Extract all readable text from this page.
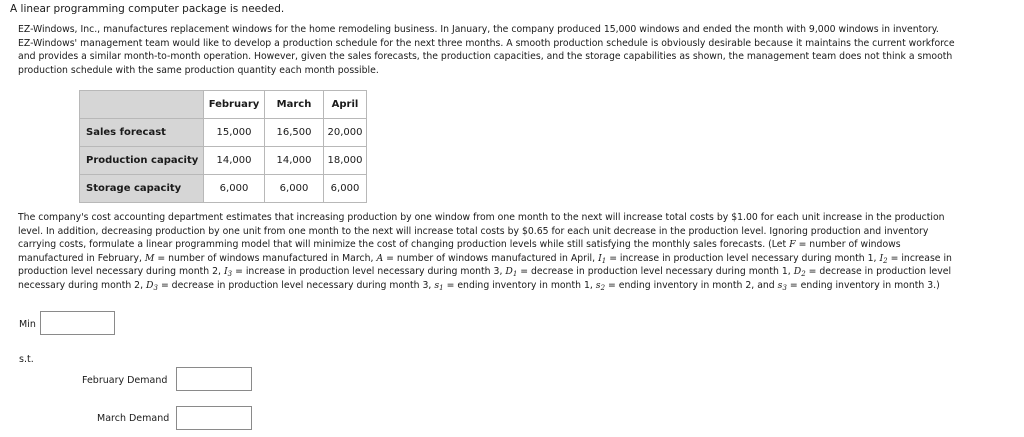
A linear programming computer package is needed.
EZ-Windows, Inc., manufactures replacement windows for the home remodeling business. In January, the company produced 15,000 windows and ended the month with 9,000 windows in inventory.
EZ-Windows' management team would like to develop a production schedule for the next three months. A smooth production schedule is obviously desirable because it maintains the current workforce
and provides a similar month-to-month operation. However, given the sales forecasts, the production capacities, and the storage capabilities as shown, the management team does not think a smooth
production schedule with the same production quantity each month possible.
	February	March	April
Sales forecast	15,000	16,500	20,000
Production capacity	14,000	14,000	18,000
Storage capacity	6,000	6,000	6,000
The company's cost accounting department estimates that increasing production by one window from one month to the next will increase total costs by $1.00 for each unit increase in the production
level. In addition, decreasing production by one unit from one month to the next will increase total costs by $0.65 for each unit decrease in the production level. Ignoring production and inventory
carrying costs, formulate a linear programming model that will minimize the cost of changing production levels while still satisfying the monthly sales forecasts. (Let F = number of windows
manufactured in February, M = number of windows manufactured in March, A = number of windows manufactured in April, $I_1$ = increase in production level necessary during month 1, $I_2$ = increase in
production level necessary during month 2, $I_3$ = increase in production level necessary during month 3, $D_1$ = decrease in production level necessary during month 1, $D_2$ = decrease in production level
necessary during month 2, $D_3$ = decrease in production level necessary during month 3, $s_1$ = ending inventory in month 1, $s_2$ = ending inventory in month 2, and $s_3$ = ending inventory in month 3.)
Min
s.t.
February Demand
March Demand
